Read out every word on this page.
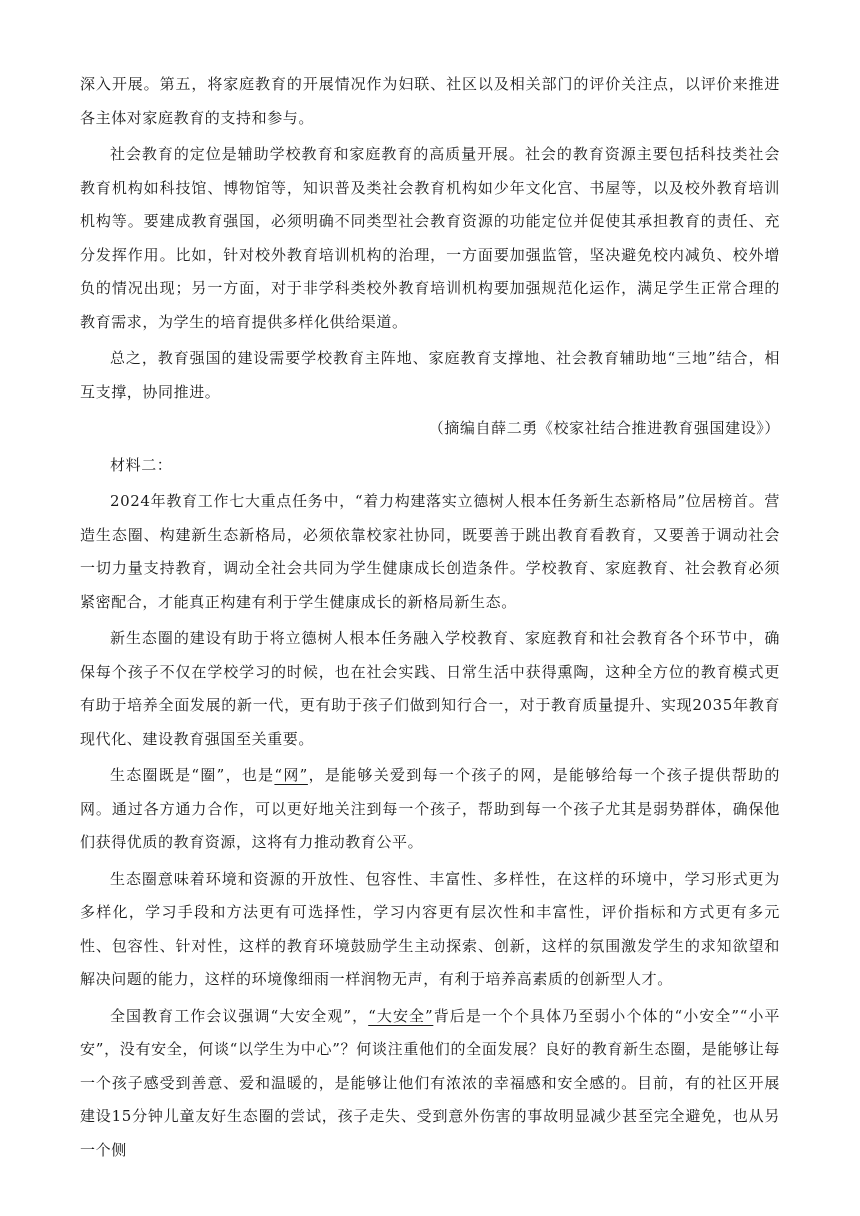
深入开展。第五，将家庭教育的开展情况作为妇联、社区以及相关部门的评价关注点，以评价来推进各主体对家庭教育的支持和参与。

社会教育的定位是辅助学校教育和家庭教育的高质量开展。社会的教育资源主要包括科技类社会教育机构如科技馆、博物馆等，知识普及类社会教育机构如少年文化宫、书屋等，以及校外教育培训机构等。要建成教育强国，必须明确不同类型社会教育资源的功能定位并促使其承担教育的责任、充分发挥作用。比如，针对校外教育培训机构的治理，一方面要加强监管，坚决避免校内减负、校外增负的情况出现；另一方面，对于非学科类校外教育培训机构要加强规范化运作，满足学生正常合理的教育需求，为学生的培育提供多样化供给渠道。

总之，教育强国的建设需要学校教育主阵地、家庭教育支撑地、社会教育辅助地“三地”结合，相互支撑，协同推进。

（摘编自薛二勇《校家社结合推进教育强国建设》）

材料二：

2024年教育工作七大重点任务中，“着力构建落实立德树人根本任务新生态新格局”位居榜首。营造生态圈、构建新生态新格局，必须依靠校家社协同，既要善于跳出教育看教育，又要善于调动社会一切力量支持教育，调动全社会共同为学生健康成长创造条件。学校教育、家庭教育、社会教育必须紧密配合，才能真正构建有利于学生健康成长的新格局新生态。

新生态圈的建设有助于将立德树人根本任务融入学校教育、家庭教育和社会教育各个环节中，确保每个孩子不仅在学校学习的时候，也在社会实践、日常生活中获得熏陶，这种全方位的教育模式更有助于培养全面发展的新一代，更有助于孩子们做到知行合一，对于教育质量提升、实现2035年教育现代化、建设教育强国至关重要。

生态圈既是“圈”，也是“网”，是能够关爱到每一个孩子的网，是能够给每一个孩子提供帮助的网。通过各方通力合作，可以更好地关注到每一个孩子，帮助到每一个孩子尤其是弱势群体，确保他们获得优质的教育资源，这将有力推动教育公平。

生态圈意味着环境和资源的开放性、包容性、丰富性、多样性，在这样的环境中，学习形式更为多样化，学习手段和方法更有可选择性，学习内容更有层次性和丰富性，评价指标和方式更有多元性、包容性、针对性，这样的教育环境鼓励学生主动探索、创新，这样的氛围激发学生的求知欲望和解决问题的能力，这样的环境像细雨一样润物无声，有利于培养高素质的创新型人才。

全国教育工作会议强调“大安全观”，“大安全”背后是一个个具体乃至弱小个体的“小安全”“小平安”，没有安全，何谈“以学生为中心”？何谈注重他们的全面发展？良好的教育新生态圈，是能够让每一个孩子感受到善意、爱和温暖的，是能够让他们有浓浓的幸福感和安全感的。目前，有的社区开展建设15分钟儿童友好生态圈的尝试，孩子走失、受到意外伤害的事故明显减少甚至完全避免，也从另一个侧
